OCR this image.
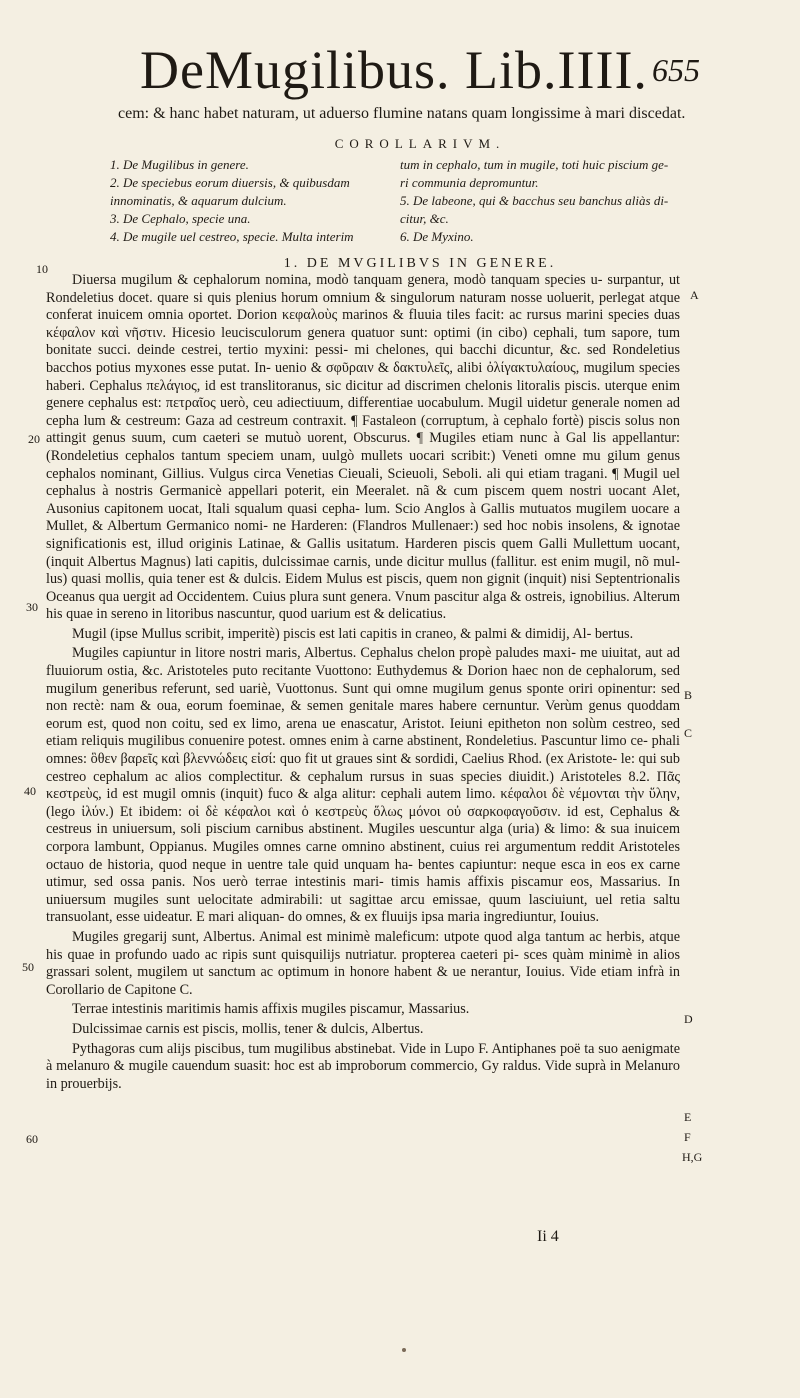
DeMugilibus. Lib.IIII. 655
cem: & hanc habet naturam, ut aduerso flumine natans quam longissime à mari discedat.
COROLLARIVM.
1. De Mugilibus in genere.
2. De speciebus eorum diuersis, & quibusdam
innominatis, & aquarum dulcium.
3. De Cephalo, specie una.
4. De mugile uel cestreo, specie. Multa interim
tum in cephalo, tum in mugile, toti huic piscium ge-
ri communia depromuntur.
5. De labeone, qui & bacchus seu banchus aliàs di-
citur, &c.
6. De Myxino.
10
20
30
40
50
60
A
B
C
D
E
F
H,G
1. DE MVGILIBVS IN GENERE.

Diuersa mugilum & cephalorum nomina, modò tanquam genera, modò tanquam species u- surpantur, ut Rondeletius docet. quare si quis plenius horum omnium & singulorum naturam nosse uoluerit, perlegat atque conferat inuicem omnia oportet. Dorion κεφαλοὺς marinos & fluuia tiles facit: ac rursus marini species duas κέφαλον καὶ νῆστιν. Hicesio leucisculorum genera quatuor sunt: optimi (in cibo) cephali, tum sapore, tum bonitate succi. deinde cestrei, tertio myxini: pessi- mi chelones, qui bacchi dicuntur, &c. sed Rondeletius bacchos potius myxones esse putat. In- uenio & σφῦραιν & δακτυλεῖς, alibi ὀλίγακτυλαίους, mugilum species haberi. Cephalus πελάγιος, id est translitoranus, sic dicitur ad discrimen chelonis litoralis piscis. uterque enim genere cephalus est: πετραῖος uerò, ceu adiectiuum, differentiae uocabulum. Mugil uidetur generale nomen ad cepha lum & cestreum: Gaza ad cestreum contraxit. ¶ Fastaleon (corruptum, à cephalo fortè) piscis solus non attingit genus suum, cum caeteri se mutuò uorent, Obscurus. ¶ Mugiles etiam nunc à Gal lis appellantur: (Rondeletius cephalos tantum speciem unam, uulgò mullets uocari scribit:) Veneti omne mu gilum genus cephalos nominant, Gillius. Vulgus circa Venetias Cieuali, Scieuoli, Seboli. ali qui etiam tragani. ¶ Mugil uel cephalus à nostris Germanicè appellari poterit, ein Meeralet. nã & cum piscem quem nostri uocant Alet, Ausonius capitonem uocat, Itali squalum quasi cepha- lum. Scio Anglos à Gallis mutuatos mugilem uocare a Mullet, & Albertum Germanico nomi- ne Harderen: (Flandros Mullenaer:) sed hoc nobis insolens, & ignotae significationis est, illud originis Latinae, & Gallis usitatum. Harderen piscis quem Galli Mullettum uocant, (inquit Albertus Magnus) lati capitis, dulcissimae carnis, unde dicitur mullus (fallitur. est enim mugil, nõ mul- lus) quasi mollis, quia tener est & dulcis. Eidem Mulus est piscis, quem non gignit (inquit) nisi Septentrionalis Oceanus qua uergit ad Occidentem. Cuius plura sunt genera. Vnum pascitur alga & ostreis, ignobilius. Alterum his quae in sereno in litoribus nascuntur, quod uarium est & delicatius.

Mugil (ipse Mullus scribit, imperitè) piscis est lati capitis in craneo, & palmi & dimidij, Al- bertus.

Mugiles capiuntur in litore nostri maris, Albertus. Cephalus chelon propè paludes maxi- me uiuitat, aut ad fluuiorum ostia, &c. Aristoteles puto recitante Vuottono: Euthydemus & Dorion haec non de cephalorum, sed mugilum generibus referunt, sed uariè, Vuottonus. Sunt qui omne mugilum genus sponte oriri opinentur: sed non rectè: nam & oua, eorum foeminae, & semen genitale mares habere cernuntur. Verùm genus quoddam eorum est, quod non coitu, sed ex limo, arena ue enascatur, Aristot. Ieiuni epitheton non solùm cestreo, sed etiam reliquis mugilibus conuenire potest. omnes enim à carne abstinent, Rondeletius. Pascuntur limo ce- phali omnes: ὃθεν βαρεῖς καὶ βλεννώδεις εἰσί: quo fit ut graues sint & sordidi, Caelius Rhod. (ex Aristote- le: qui sub cestreo cephalum ac alios complectitur. & cephalum rursus in suas species diuidit.) Aristoteles 8.2. Πᾶς κεστρεὺς, id est mugil omnis (inquit) fuco & alga alitur: cephali autem limo. κέφαλοι δὲ νέμονται τὴν ὕλην, (lego ἰλύν.) Et ibidem: οἱ δὲ κέφαλοι καὶ ὁ κεστρεὺς ὅλως μόνοι οὐ σαρκοφαγοῦσιν. id est, Cephalus & cestreus in uniuersum, soli piscium carnibus abstinent. Mugiles uescuntur alga (uria) & limo: & sua inuicem corpora lambunt, Oppianus. Mugiles omnes carne omnino abstinent, cuius rei argumentum reddit Aristoteles octauo de historia, quod neque in uentre tale quid unquam ha- bentes capiuntur: neque esca in eos ex carne utimur, sed ossa panis. Nos uerò terrae intestinis mari- timis hamis affixis piscamur eos, Massarius. In uniuersum mugiles sunt uelocitate admirabili: ut sagittae arcu emissae, quum lasciuiunt, uel retia saltu transuolant, esse uideatur. E mari aliquan- do omnes, & ex fluuijs ipsa maria ingrediuntur, Iouius.

Mugiles gregarij sunt, Albertus. Animal est minimè maleficum: utpote quod alga tantum ac herbis, atque his quae in profundo uado ac ripis sunt quisquilijs nutriatur. propterea caeteri pi- sces quàm minimè in alios grassari solent, mugilem ut sanctum ac optimum in honore habent & ue nerantur, Iouius. Vide etiam infrà in Corollario de Capitone C.

Terrae intestinis maritimis hamis affixis mugiles piscamur, Massarius.

Dulcissimae carnis est piscis, mollis, tener & dulcis, Albertus.

Pythagoras cum alijs piscibus, tum mugilibus abstinebat. Vide in Lupo F. Antiphanes poë ta suo aenigmate à melanuro & mugile cauendum suasit: hoc est ab improborum commercio, Gy raldus. Vide suprà in Melanuro in prouerbijs.

Ii 4
